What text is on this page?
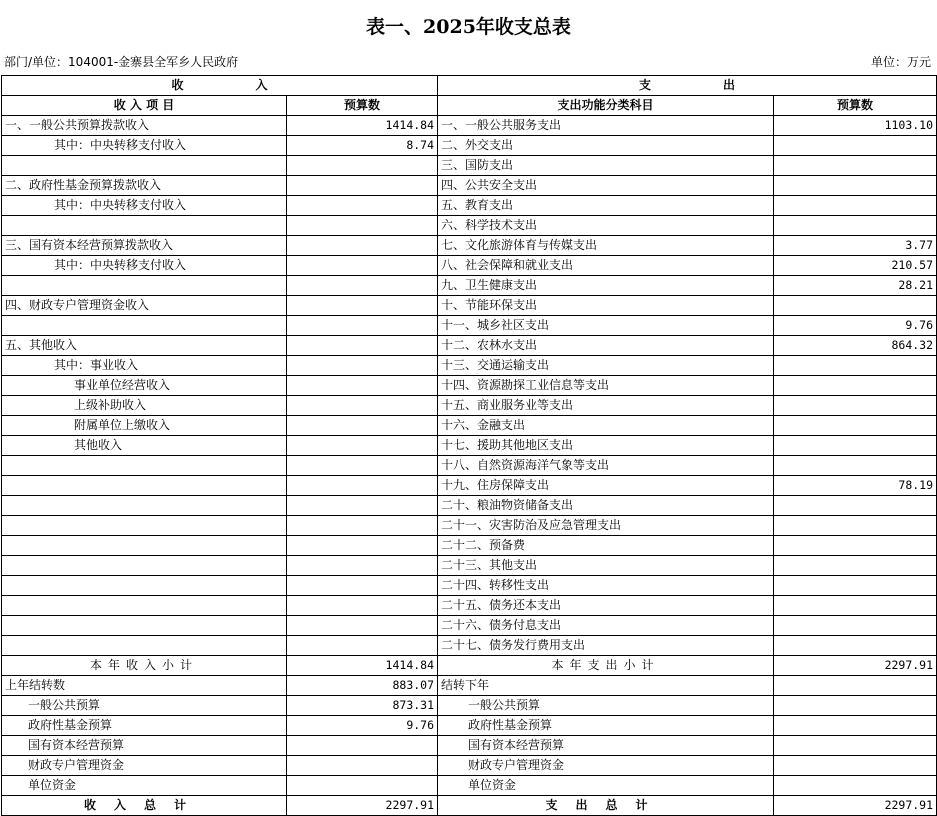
表一、2025年收支总表
部门/单位：104001-金寨县全军乡人民政府	单位：万元
收　　　　　　入		支　　　　　　出	
收 入 项 目	预算数	支出功能分类科目	预算数
一、一般公共预算拨款收入	1414.84	一、一般公共服务支出	1103.10
其中：中央转移支付收入	8.74	二、外交支出	
		三、国防支出	
二、政府性基金预算拨款收入		四、公共安全支出	
其中：中央转移支付收入		五、教育支出	
		六、科学技术支出	
三、国有资本经营预算拨款收入		七、文化旅游体育与传媒支出	3.77
其中：中央转移支付收入		八、社会保障和就业支出	210.57
		九、卫生健康支出	28.21
四、财政专户管理资金收入		十、节能环保支出	
		十一、城乡社区支出	9.76
五、其他收入		十二、农林水支出	864.32
其中：事业收入		十三、交通运输支出	
事业单位经营收入		十四、资源勘探工业信息等支出	
上级补助收入		十五、商业服务业等支出	
附属单位上缴收入		十六、金融支出	
其他收入		十七、援助其他地区支出	
		十八、自然资源海洋气象等支出	
		十九、住房保障支出	78.19
		二十、粮油物资储备支出	
		二十一、灾害防治及应急管理支出	
		二十二、预备费	
		二十三、其他支出	
		二十四、转移性支出	
		二十五、债务还本支出	
		二十六、债务付息支出	
		二十七、债务发行费用支出	
本年收入小计	1414.84	本年支出小计	2297.91
上年结转数	883.07	结转下年	
一般公共预算	873.31	一般公共预算	
政府性基金预算	9.76	政府性基金预算	
国有资本经营预算		国有资本经营预算	
财政专户管理资金		财政专户管理资金	
单位资金		单位资金	
收入总计	2297.91	支出总计	2297.91
